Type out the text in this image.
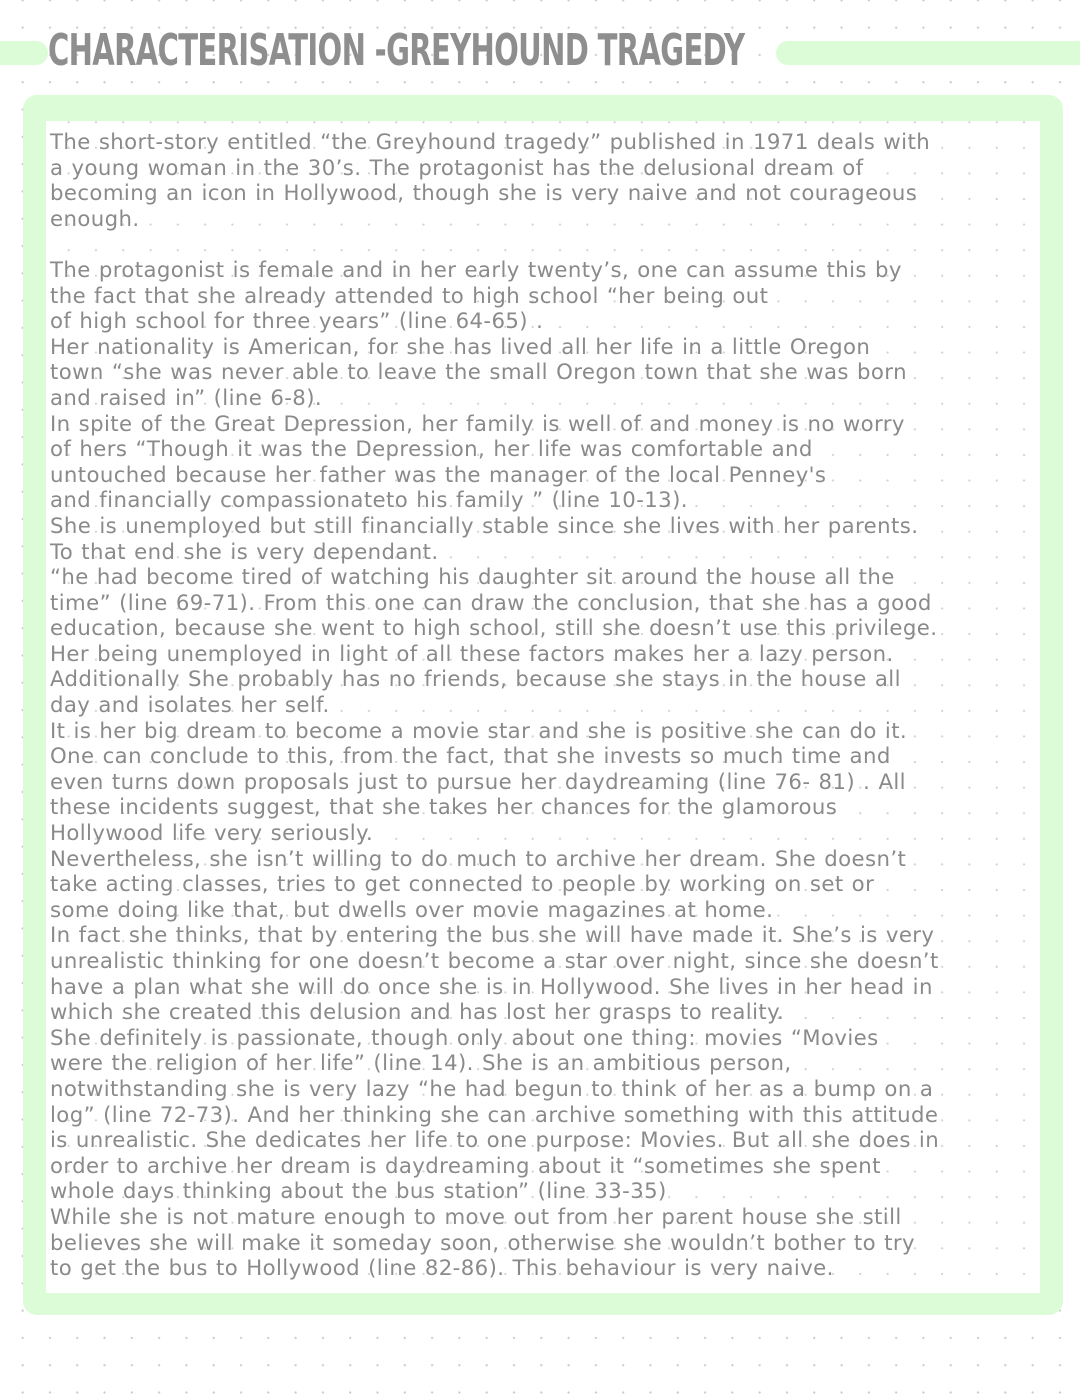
CHARACTERISATION -GREYHOUND TRAGEDY
The short-story entitled “the Greyhound tragedy” published in 1971 deals with
a young woman in the 30’s. The protagonist has the delusional dream of
becoming an icon in Hollywood, though she is very naive and not courageous
enough.
The protagonist is female and in her early twenty’s, one can assume this by
the fact that she already attended to high school “her being out
of high school for three years” (line 64-65) .
Her nationality is American, for she has lived all her life in a little Oregon
town “she was never able to leave the small Oregon town that she was born
and raised in” (line 6-8).
In spite of the Great Depression, her family is well of and money is no worry
of hers “Though it was the Depression, her life was comfortable and
untouched because her father was the manager of the local Penney's
and financially compassionateto his family ” (line 10-13).
She is unemployed but still financially stable since she lives with her parents.
To that end she is very dependant.
“he had become tired of watching his daughter sit around the house all the
time” (line 69-71). From this one can draw the conclusion, that she has a good
education, because she went to high school, still she doesn’t use this privilege.
Her being unemployed in light of all these factors makes her a lazy person.
Additionally She probably has no friends, because she stays in the house all
day and isolates her self.
It is her big dream to become a movie star and she is positive she can do it.
One can conclude to this, from the fact, that she invests so much time and
even turns down proposals just to pursue her daydreaming (line 76- 81) . All
these incidents suggest, that she takes her chances for the glamorous
Hollywood life very seriously.
Nevertheless, she isn’t willing to do much to archive her dream. She doesn’t
take acting classes, tries to get connected to people by working on set or
some doing like that, but dwells over movie magazines at home.
In fact she thinks, that by entering the bus she will have made it. She’s is very
unrealistic thinking for one doesn’t become a star over night, since she doesn’t
have a plan what she will do once she is in Hollywood. She lives in her head in
which she created this delusion and has lost her grasps to reality.
She definitely is passionate, though only about one thing: movies “Movies
were the religion of her life” (line 14). She is an ambitious person,
notwithstanding she is very lazy “he had begun to think of her as a bump on a
log” (line 72-73). And her thinking she can archive something with this attitude
is unrealistic. She dedicates her life to one purpose: Movies. But all she does in
order to archive her dream is daydreaming about it “sometimes she spent
whole days thinking about the bus station” (line 33-35)
While she is not mature enough to move out from her parent house she still
believes she will make it someday soon, otherwise she wouldn’t bother to try
to get the bus to Hollywood (line 82-86). This behaviour is very naive.
